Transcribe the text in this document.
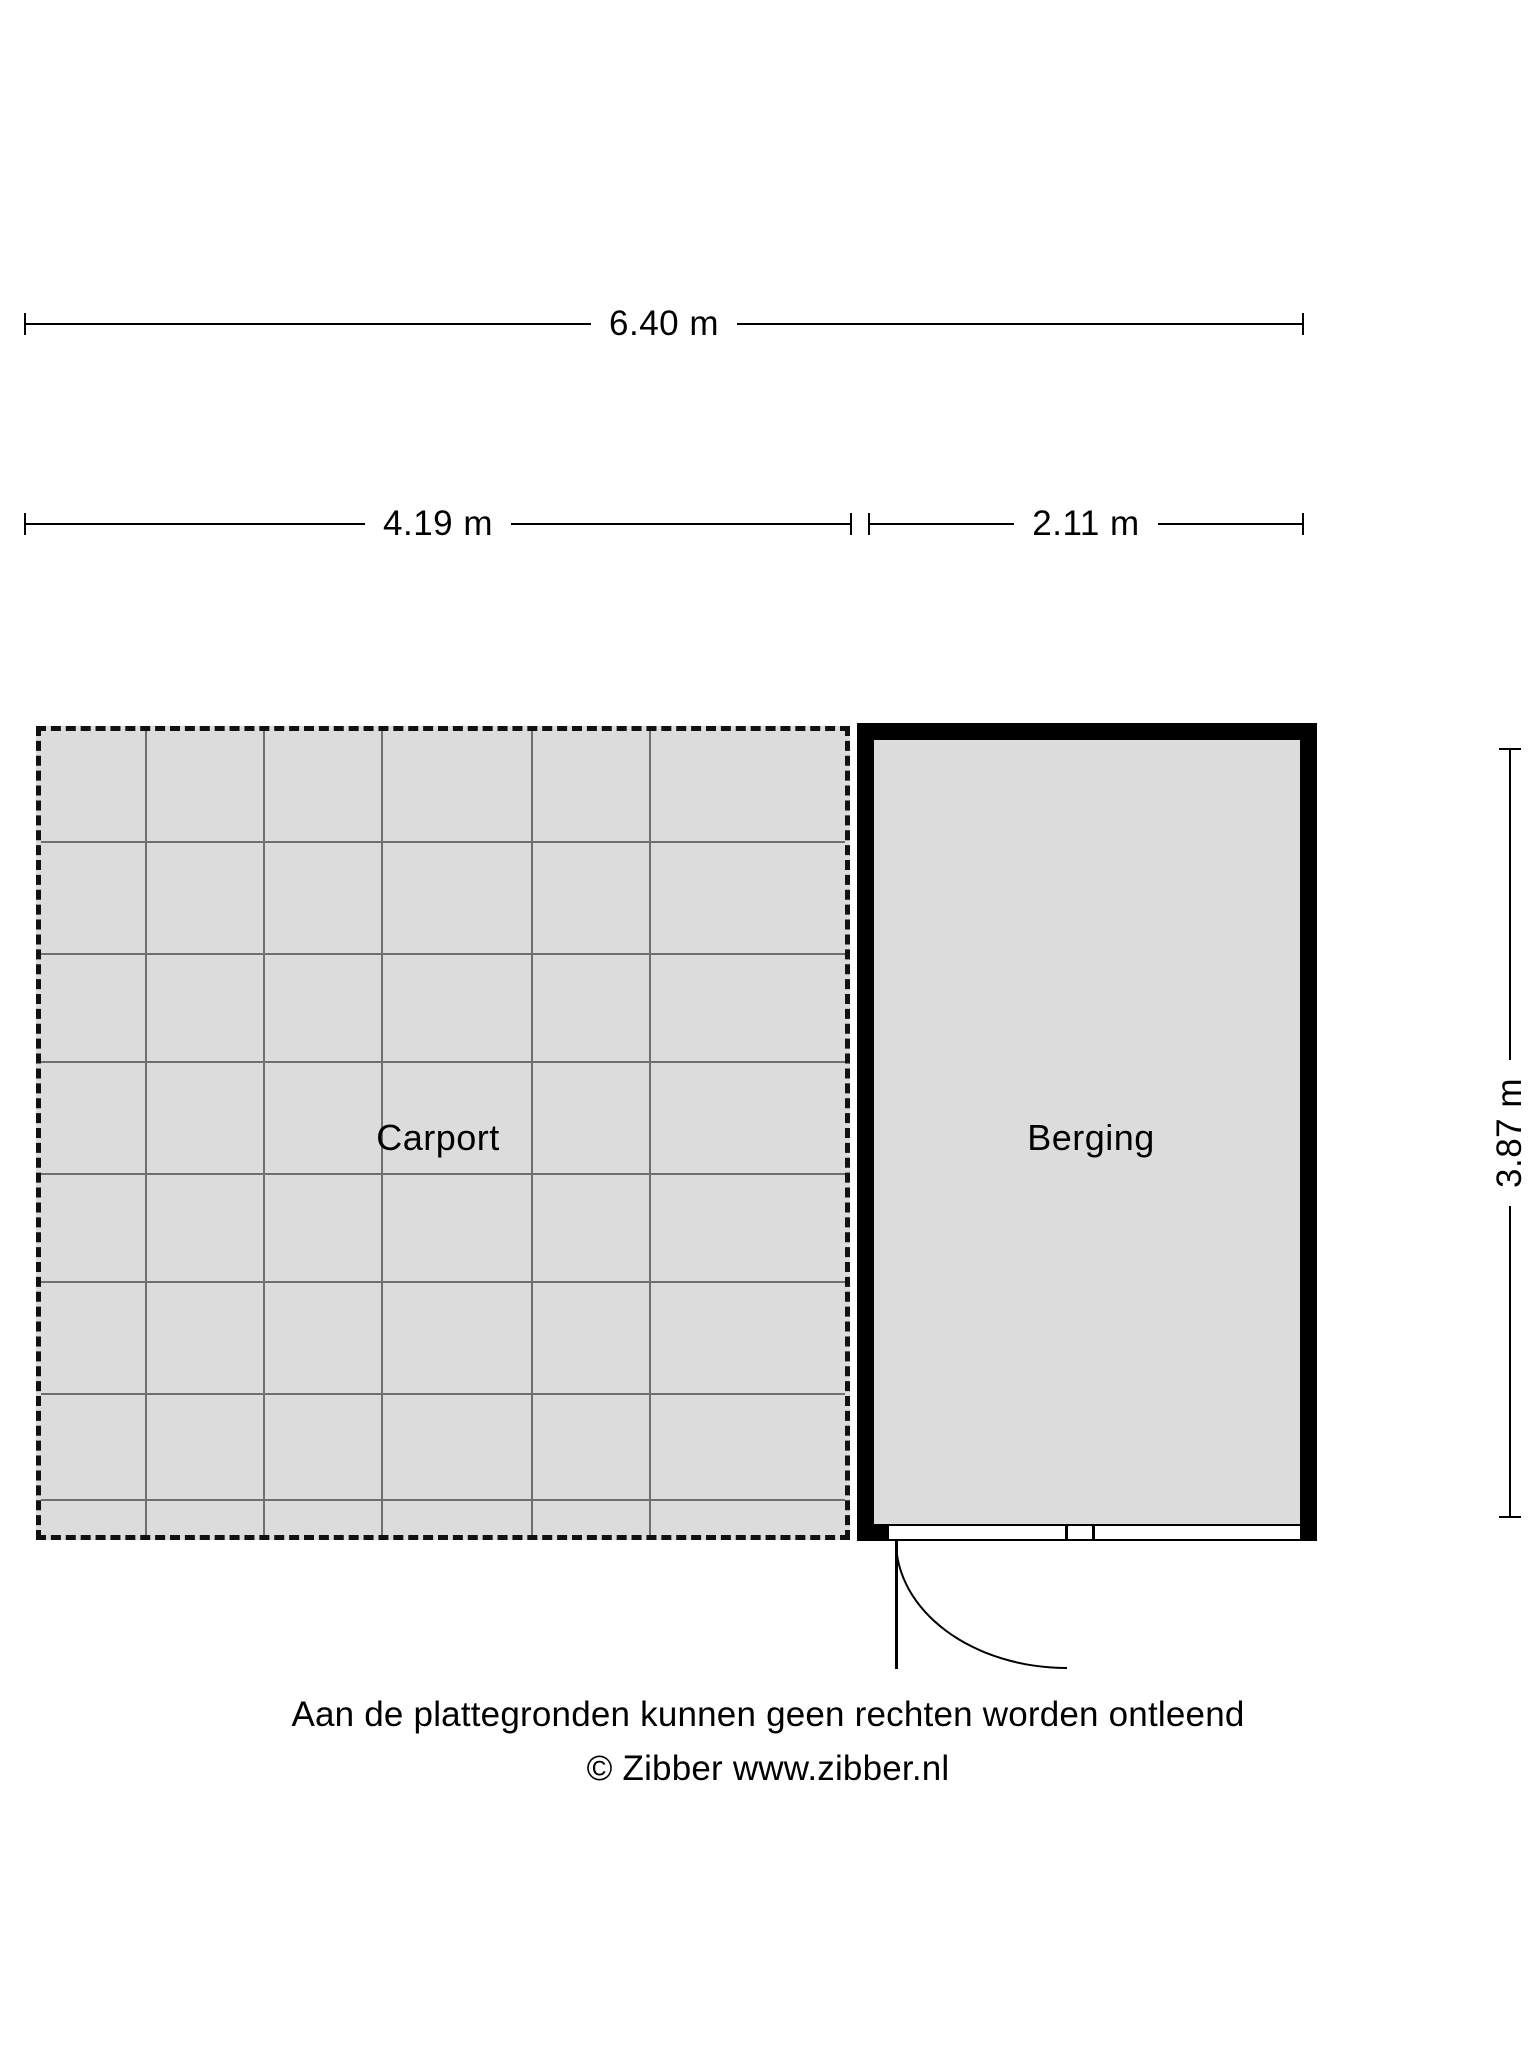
6.40 m
4.19 m	2.11 m
3.87 m
Carport	Berging
Aan de plattegronden kunnen geen rechten worden ontleend
© Zibber www.zibber.nl
